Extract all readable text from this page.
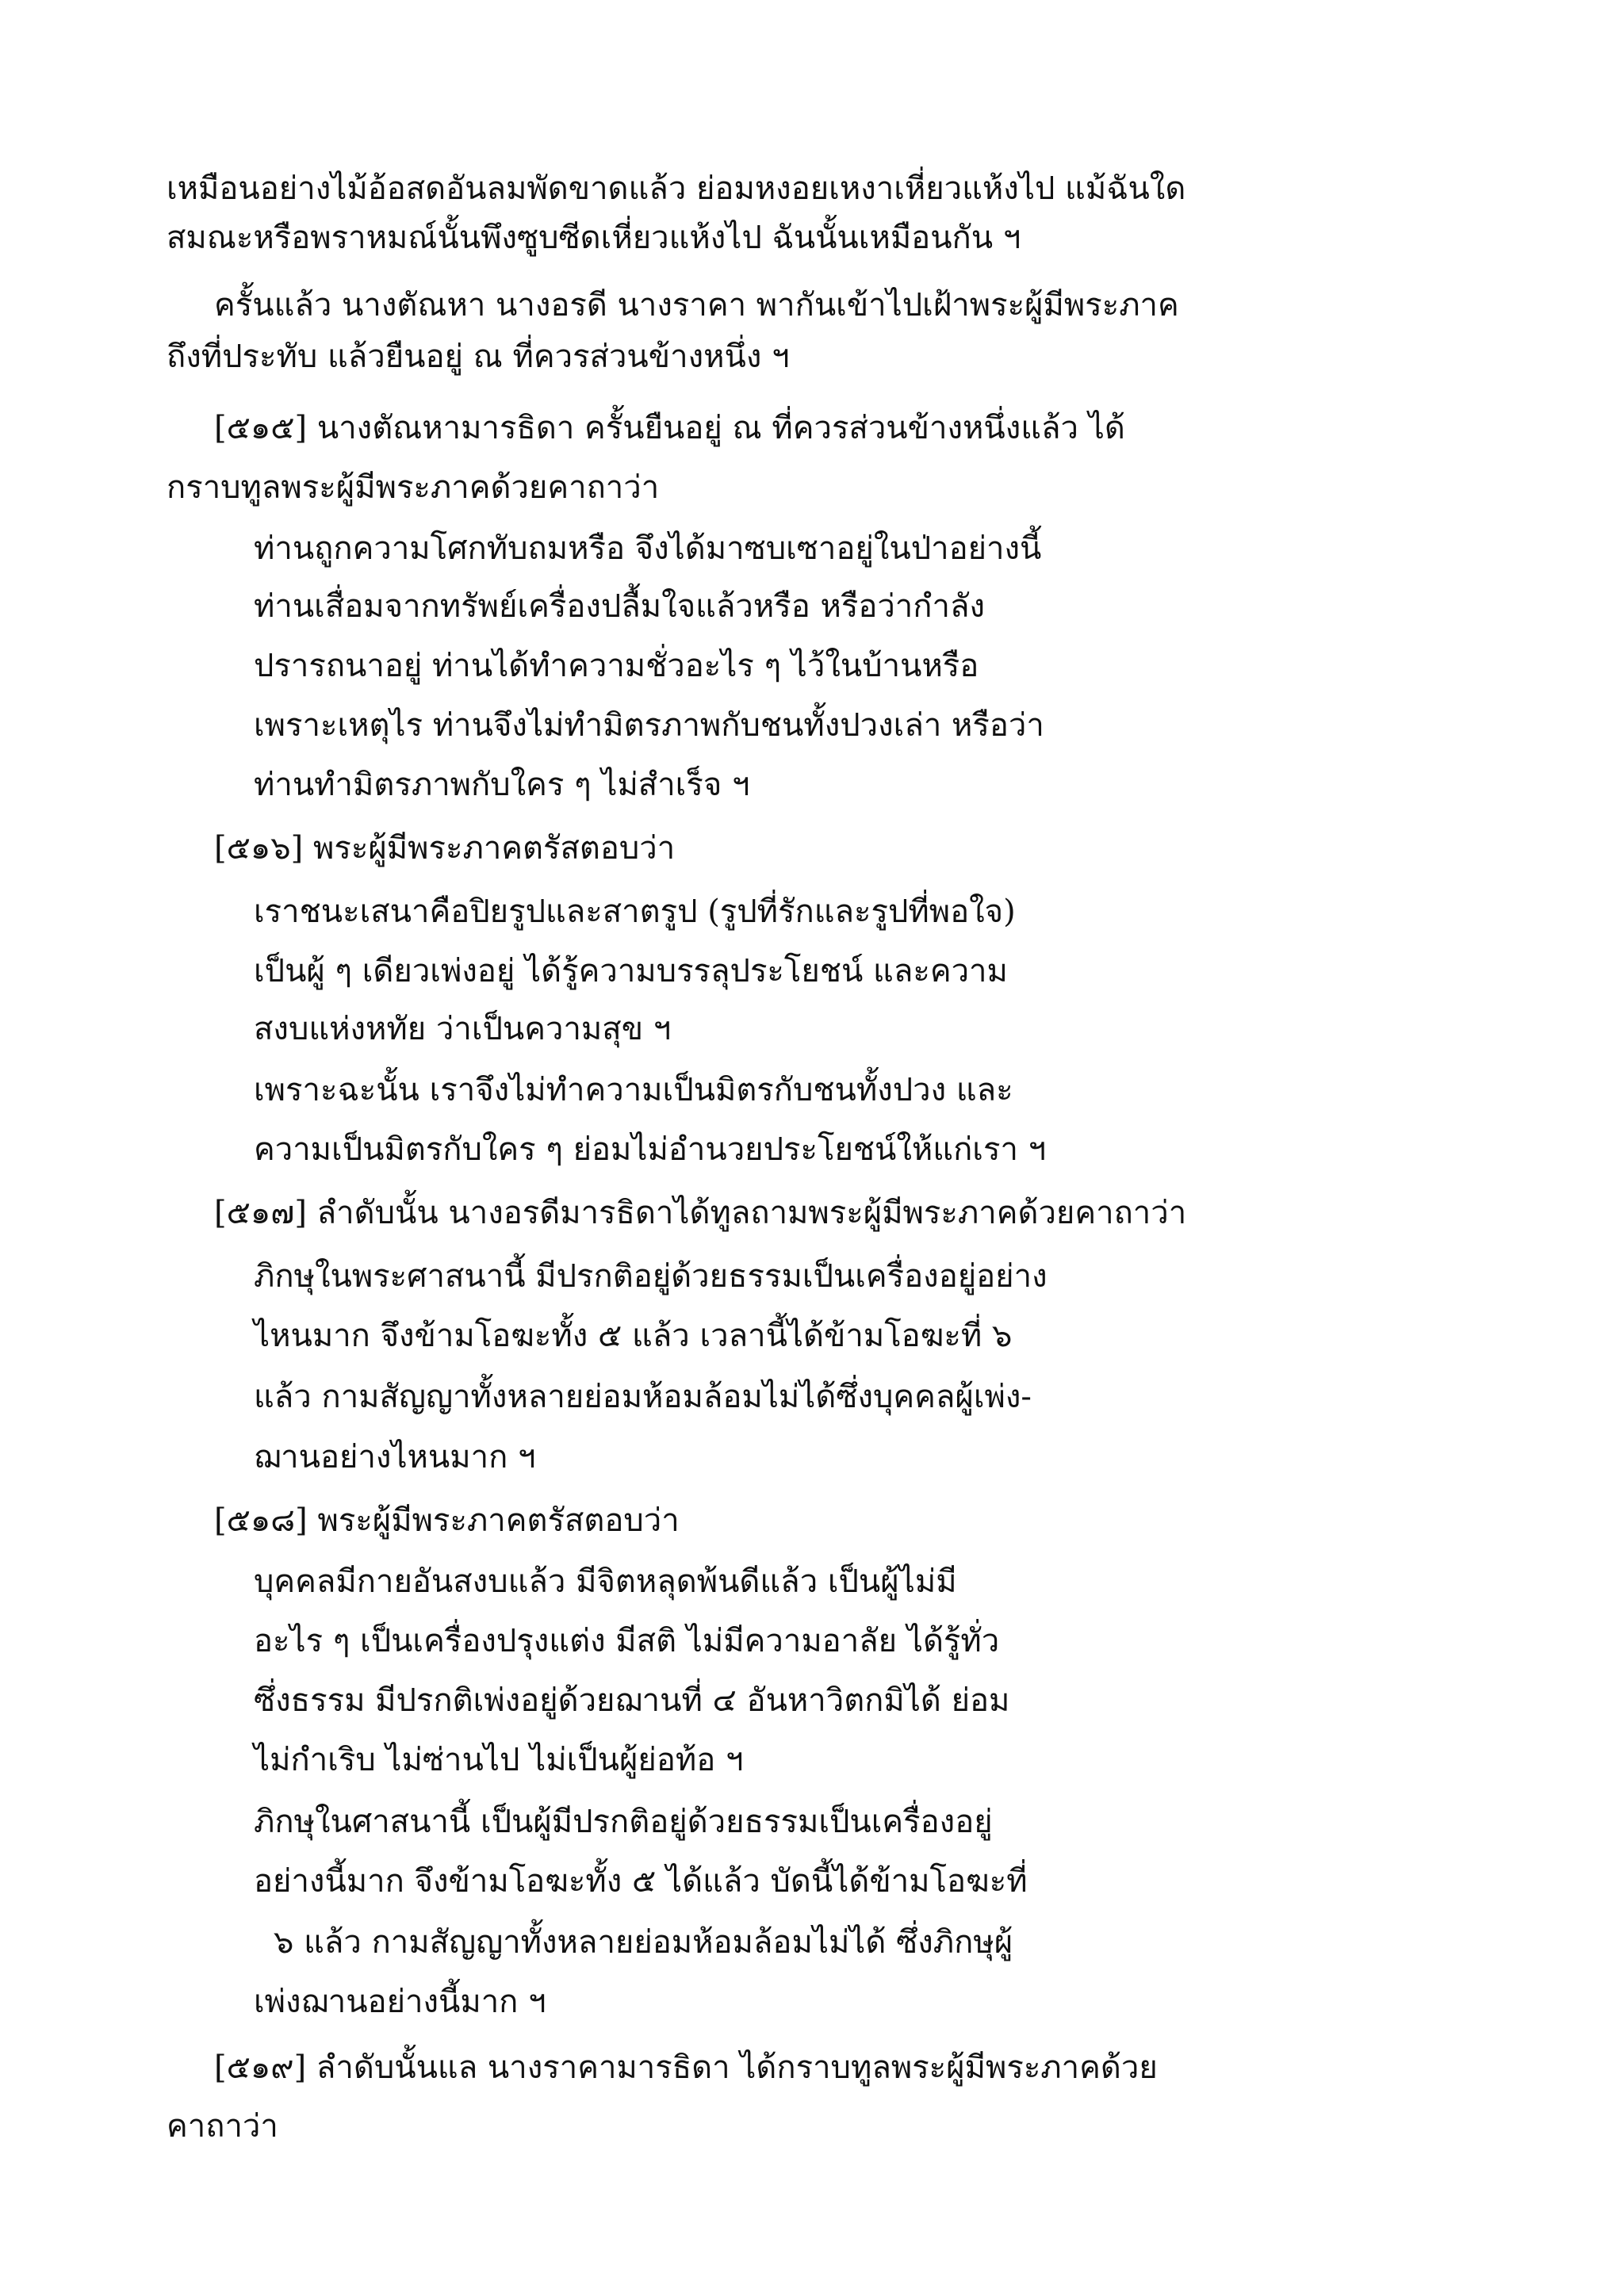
เหมือนอย่างไม้อ้อสดอันลมพัดขาดแล้ว ย่อมหงอยเหงาเหี่ยวแห้งไป แม้ฉันใด
สมณะหรือพราหมณ์นั้นพึงซูบซีดเหี่ยวแห้งไป ฉันนั้นเหมือนกัน ฯ
ครั้นแล้ว นางตัณหา นางอรดี นางราคา พากันเข้าไปเฝ้าพระผู้มีพระภาค
ถึงที่ประทับ แล้วยืนอยู่ ณ ที่ควรส่วนข้างหนึ่ง ฯ
[๕๑๕] นางตัณหามารธิดา ครั้นยืนอยู่ ณ ที่ควรส่วนข้างหนึ่งแล้ว ได้
กราบทูลพระผู้มีพระภาคด้วยคาถาว่า
ท่านถูกความโศกทับถมหรือ จึงได้มาซบเซาอยู่ในป่าอย่างนี้
ท่านเสื่อมจากทรัพย์เครื่องปลื้มใจแล้วหรือ หรือว่ากำลัง
ปรารถนาอยู่ ท่านได้ทำความชั่วอะไร ๆ ไว้ในบ้านหรือ
เพราะเหตุไร ท่านจึงไม่ทำมิตรภาพกับชนทั้งปวงเล่า หรือว่า
ท่านทำมิตรภาพกับใคร ๆ ไม่สำเร็จ ฯ
[๕๑๖] พระผู้มีพระภาคตรัสตอบว่า
เราชนะเสนาคือปิยรูปและสาตรูป (รูปที่รักและรูปที่พอใจ)
เป็นผู้ ๆ เดียวเพ่งอยู่ ได้รู้ความบรรลุประโยชน์ และความ
สงบแห่งหทัย ว่าเป็นความสุข ฯ
เพราะฉะนั้น เราจึงไม่ทำความเป็นมิตรกับชนทั้งปวง และ
ความเป็นมิตรกับใคร ๆ ย่อมไม่อำนวยประโยชน์ให้แก่เรา ฯ
[๕๑๗] ลำดับนั้น นางอรดีมารธิดาได้ทูลถามพระผู้มีพระภาคด้วยคาถาว่า
ภิกษุในพระศาสนานี้ มีปรกติอยู่ด้วยธรรมเป็นเครื่องอยู่อย่าง
ไหนมาก จึงข้ามโอฆะทั้ง ๕ แล้ว เวลานี้ได้ข้ามโอฆะที่ ๖
แล้ว กามสัญญาทั้งหลายย่อมห้อมล้อมไม่ได้ซึ่งบุคคลผู้เพ่ง-
ฌานอย่างไหนมาก ฯ
[๕๑๘] พระผู้มีพระภาคตรัสตอบว่า
บุคคลมีกายอันสงบแล้ว มีจิตหลุดพ้นดีแล้ว เป็นผู้ไม่มี
อะไร ๆ เป็นเครื่องปรุงแต่ง มีสติ ไม่มีความอาลัย ได้รู้ทั่ว
ซึ่งธรรม มีปรกติเพ่งอยู่ด้วยฌานที่ ๔ อันหาวิตกมิได้ ย่อม
ไม่กำเริบ ไม่ซ่านไป ไม่เป็นผู้ย่อท้อ ฯ
ภิกษุในศาสนานี้ เป็นผู้มีปรกติอยู่ด้วยธรรมเป็นเครื่องอยู่
อย่างนี้มาก จึงข้ามโอฆะทั้ง ๕ ได้แล้ว บัดนี้ได้ข้ามโอฆะที่
๖ แล้ว กามสัญญาทั้งหลายย่อมห้อมล้อมไม่ได้ ซึ่งภิกษุผู้
เพ่งฌานอย่างนี้มาก ฯ
[๕๑๙] ลำดับนั้นแล นางราคามารธิดา ได้กราบทูลพระผู้มีพระภาคด้วย
คาถาว่า
